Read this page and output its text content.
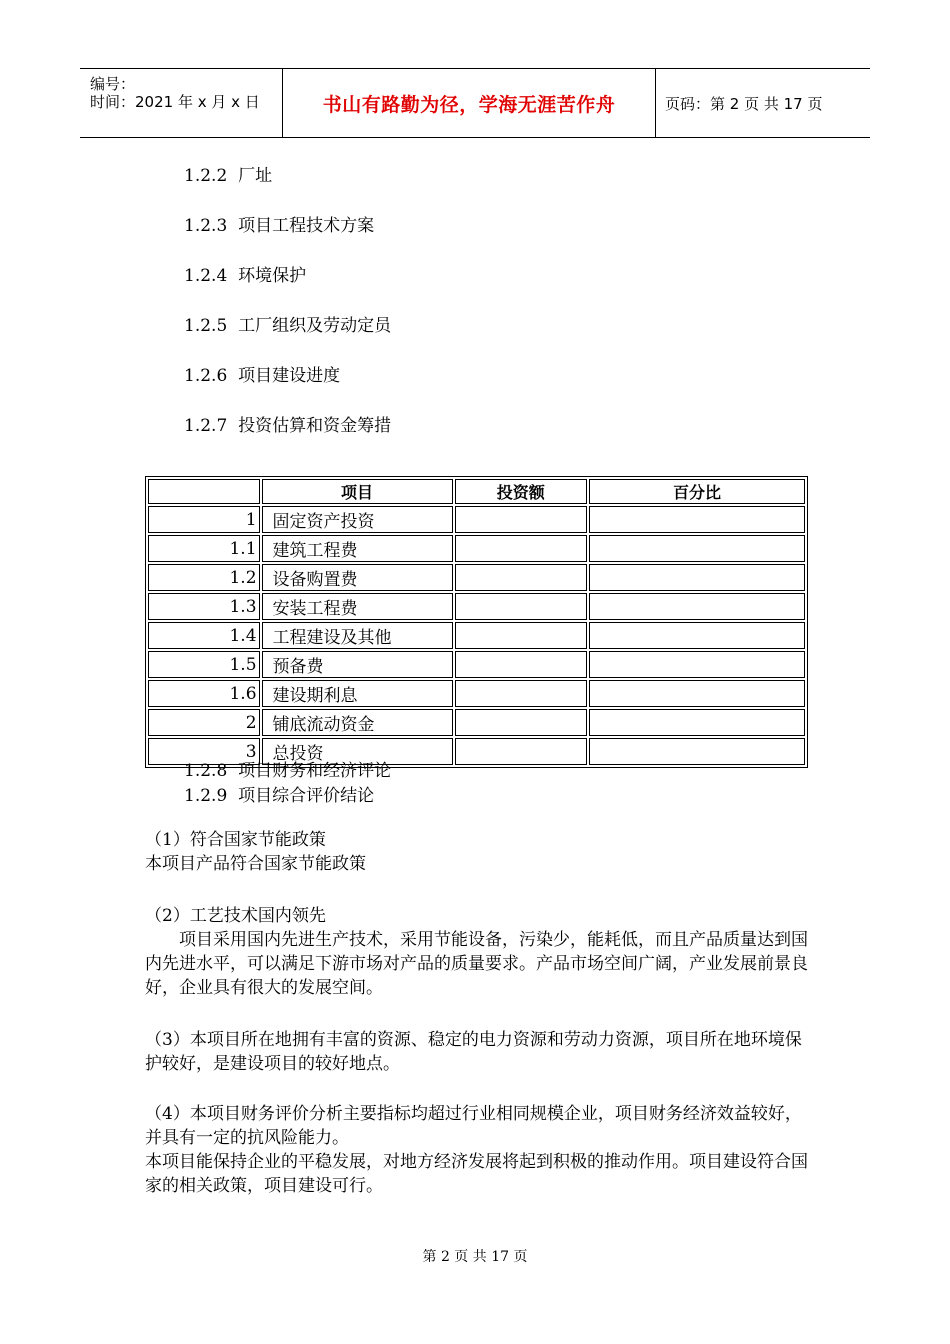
编号：
时间：2021 年 x 月 x 日	书山有路勤为径，学海无涯苦作舟	页码：第 2 页 共 17 页
1.2.2  厂址
1.2.3  项目工程技术方案
1.2.4  环境保护
1.2.5  工厂组织及劳动定员
1.2.6  项目建设进度
1.2.7  投资估算和资金筹措
	项目	投资额	百分比
1	固定资产投资		
1.1	建筑工程费		
1.2	设备购置费		
1.3	安装工程费		
1.4	工程建设及其他		
1.5	预备费		
1.6	建设期利息		
2	铺底流动资金		
3	总投资		
1.2.8  项目财务和经济评论
1.2.9  项目综合评价结论

（1）符合国家节能政策

本项目产品符合国家节能政策

（2）工艺技术国内领先

项目采用国内先进生产技术，采用节能设备，污染少，能耗低，而且产品质量达到国内先进水平，可以满足下游市场对产品的质量要求。产品市场空间广阔，产业发展前景良好，企业具有很大的发展空间。

（3）本项目所在地拥有丰富的资源、稳定的电力资源和劳动力资源，项目所在地环境保护较好，是建设项目的较好地点。

（4）本项目财务评价分析主要指标均超过行业相同规模企业，项目财务经济效益较好，并具有一定的抗风险能力。

本项目能保持企业的平稳发展，对地方经济发展将起到积极的推动作用。项目建设符合国家的相关政策，项目建设可行。

第 2 页 共 17 页
